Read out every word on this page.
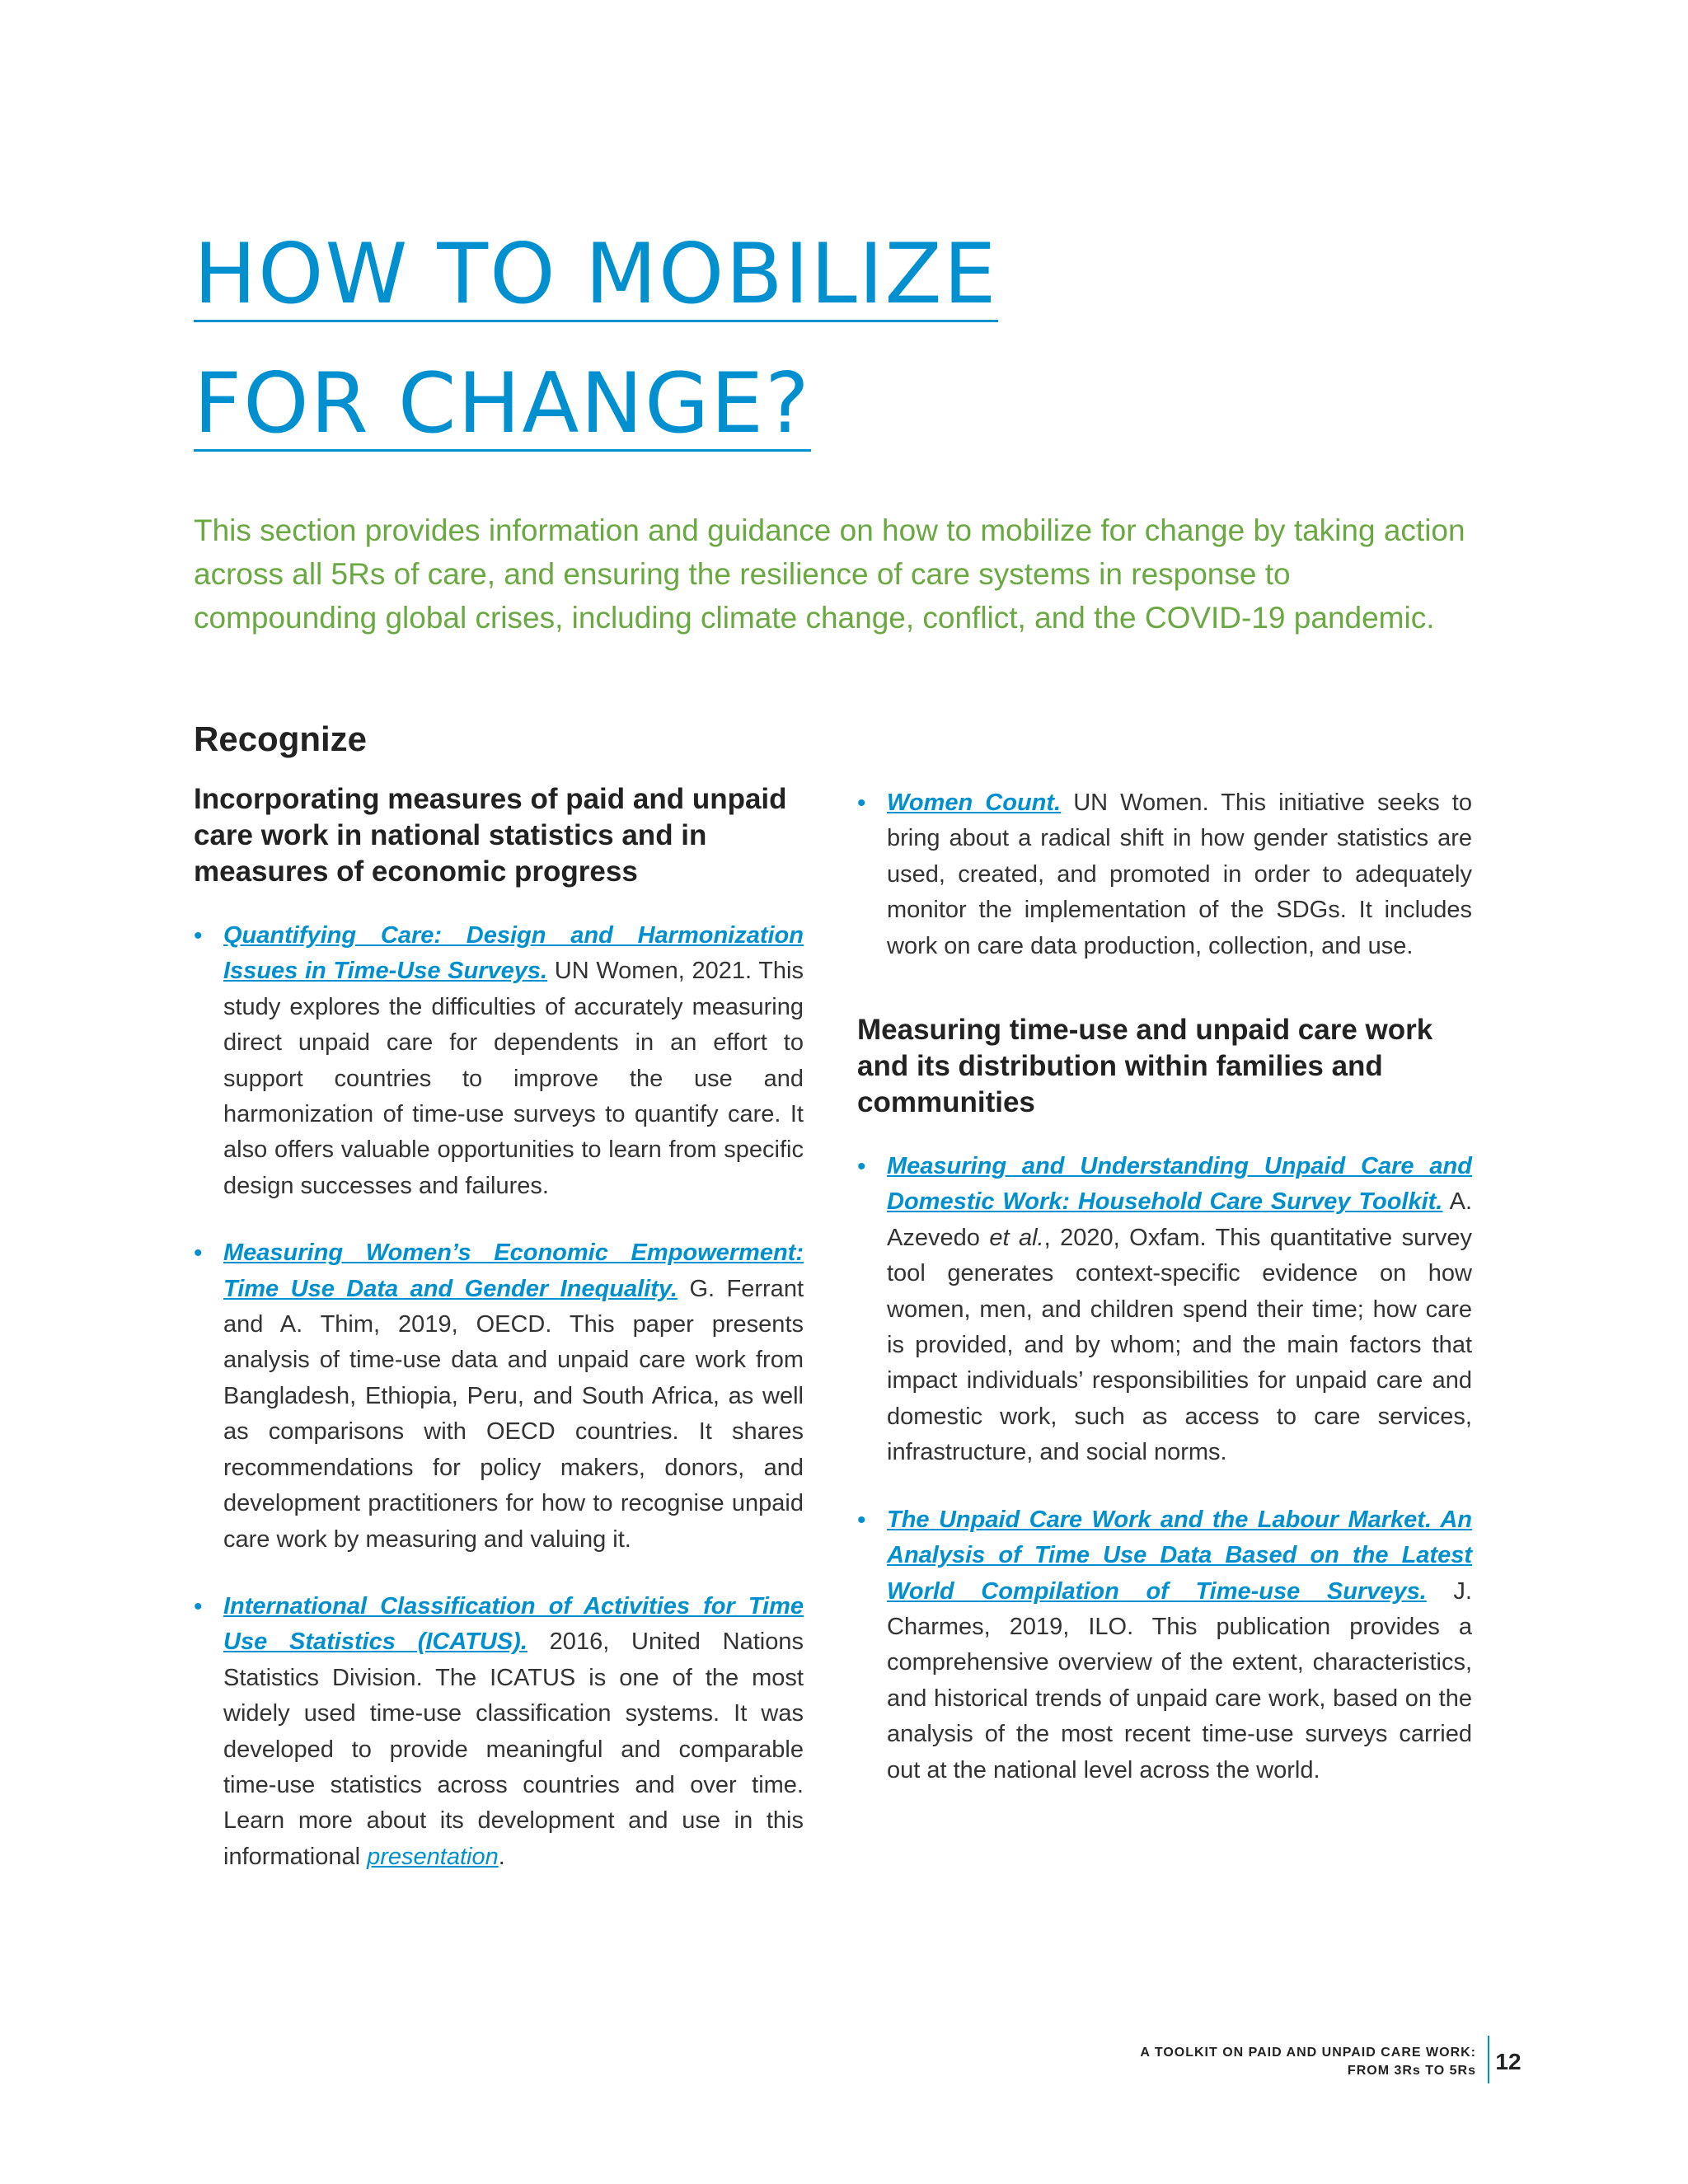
HOW TO MOBILIZE
FOR CHANGE?

This section provides information and guidance on how to mobilize for change by taking action across all 5Rs of care, and ensuring the resilience of care systems in response to compounding global crises, including climate change, conflict, and the COVID-19 pandemic.

Recognize
Incorporating measures of paid and unpaid care work in national statistics and in measures of economic progress
• Quantifying Care: Design and Harmonization Issues in Time-Use Surveys. UN Women, 2021. This study explores the difficulties of accurately measuring direct unpaid care for dependents in an effort to support countries to improve the use and harmonization of time-use surveys to quantify care. It also offers valuable opportunities to learn from specific design successes and failures.
• Measuring Women’s Economic Empowerment: Time Use Data and Gender Inequality. G. Ferrant and A. Thim, 2019, OECD. This paper presents analysis of time-use data and unpaid care work from Bangladesh, Ethiopia, Peru, and South Africa, as well as comparisons with OECD countries. It shares recommendations for policy makers, donors, and development practitioners for how to recognise unpaid care work by measuring and valuing it.
• International Classification of Activities for Time Use Statistics (ICATUS). 2016, United Nations Statistics Division. The ICATUS is one of the most widely used time-use classification systems. It was developed to provide meaningful and comparable time-use statistics across countries and over time. Learn more about its development and use in this informational presentation.
• Women Count. UN Women. This initiative seeks to bring about a radical shift in how gender statistics are used, created, and promoted in order to adequately monitor the implementation of the SDGs. It includes work on care data production, collection, and use.
Measuring time-use and unpaid care work and its distribution within families and communities
• Measuring and Understanding Unpaid Care and Domestic Work: Household Care Survey Toolkit. A. Azevedo et al., 2020, Oxfam. This quantitative survey tool generates context-specific evidence on how women, men, and children spend their time; how care is provided, and by whom; and the main factors that impact individuals’ responsibilities for unpaid care and domestic work, such as access to care services, infrastructure, and social norms.
• The Unpaid Care Work and the Labour Market. An Analysis of Time Use Data Based on the Latest World Compilation of Time-use Surveys. J. Charmes, 2019, ILO. This publication provides a comprehensive overview of the extent, characteristics, and historical trends of unpaid care work, based on the analysis of the most recent time-use surveys carried out at the national level across the world.
A TOOLKIT ON PAID AND UNPAID CARE WORK:
FROM 3Rs TO 5Rs 12
